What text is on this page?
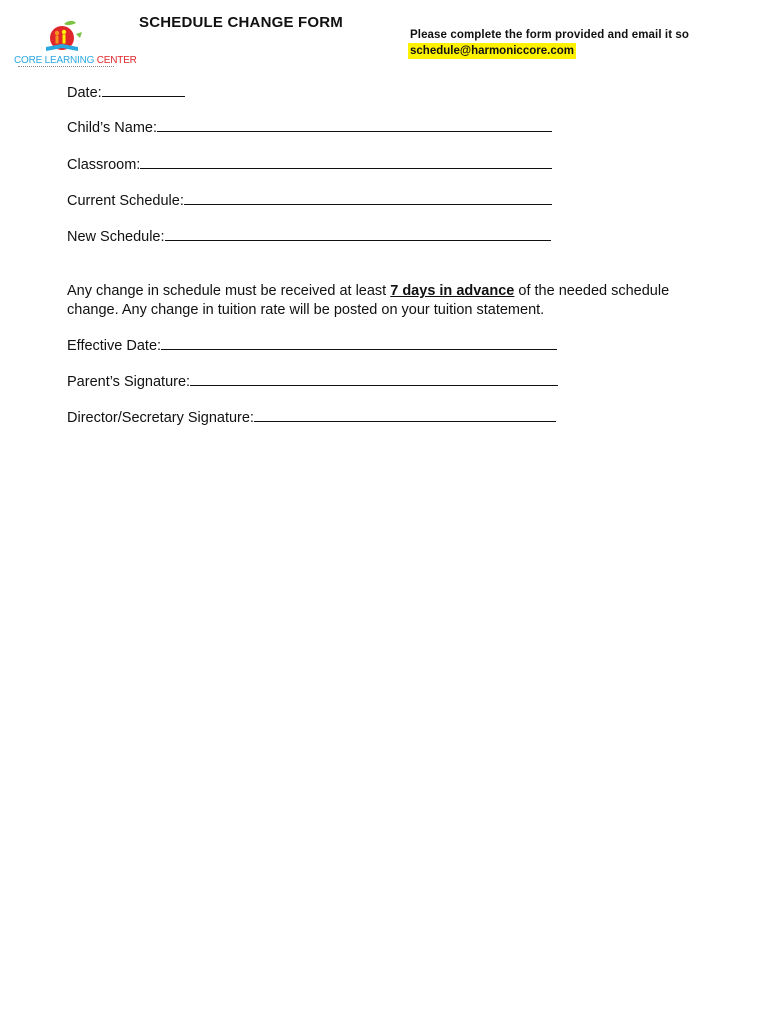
CORE LEARNING CENTER
SCHEDULE CHANGE FORM
Please complete the form provided and email it so
schedule@harmoniccore.com
Date:
Child’s Name:
Classroom:
Current Schedule:
New Schedule:
Any change in schedule must be received at least 7 days in advance of the needed schedule change. Any change in tuition rate will be posted on your tuition statement.
Effective Date:
Parent’s Signature:
Director/Secretary Signature:
